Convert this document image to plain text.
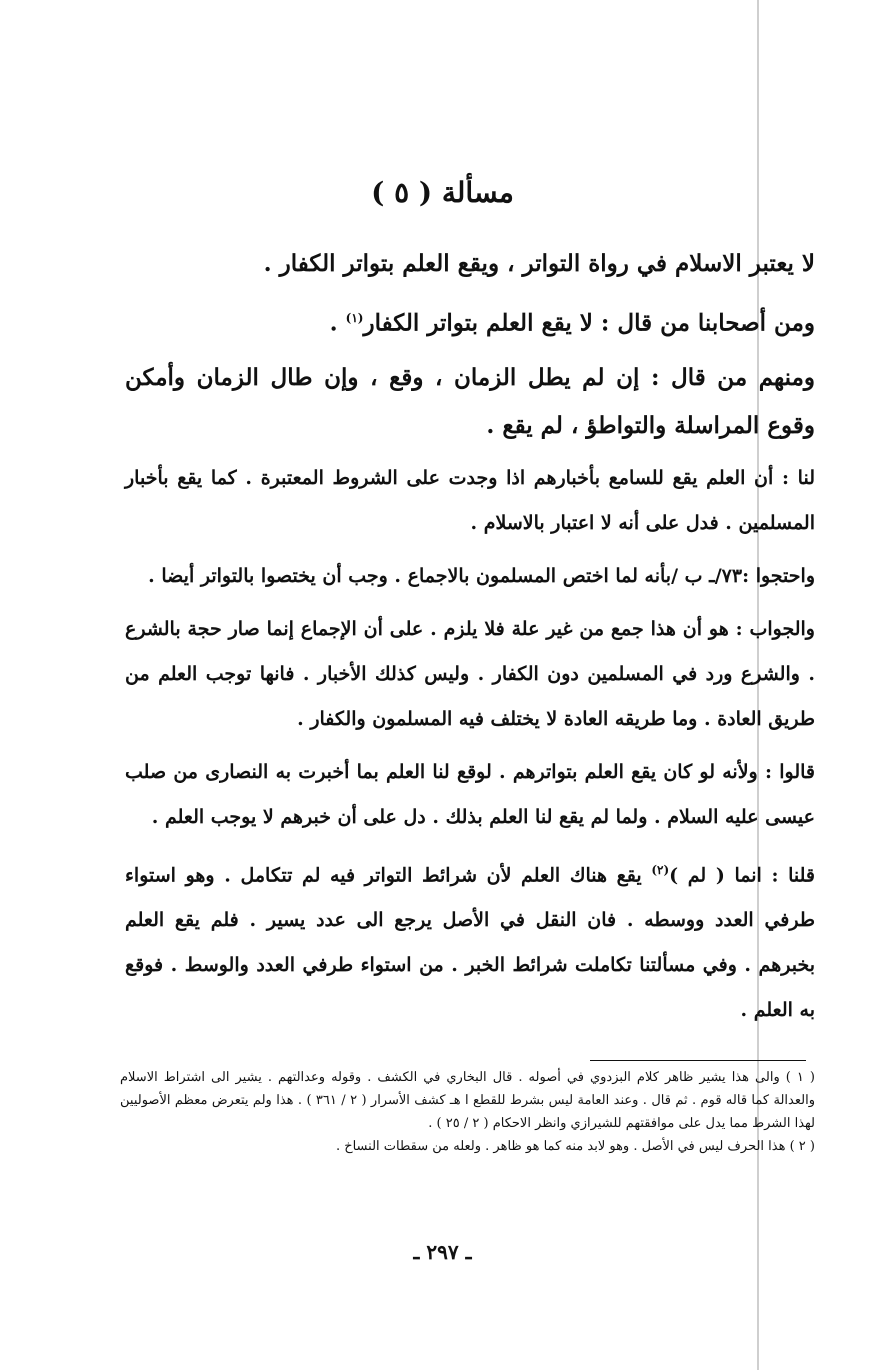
مسألة ( ٥ )

لا يعتبر الاسلام في رواة التواتر ، ويقع العلم بتواتر الكفار .

ومن أصحابنا من قال : لا يقع العلم بتواتر الكفار$^{(١)}$ .

ومنهم من قال : إن لم يطل الزمان ، وقع ، وإن طال الزمان وأمكن وقوع المراسلة والتواطؤ ، لم يقع .

لنا : أن العلم يقع للسامع بأخبارهم اذا وجدت على الشروط المعتبرة . كما يقع بأخبار المسلمين . فدل على أنه لا اعتبار بالاسلام .

واحتجوا :٧٣/ـ ب /بأنه لما اختص المسلمون بالاجماع . وجب أن يختصوا بالتواتر أيضا .

والجواب : هو أن هذا جمع من غير علة فلا يلزم . على أن الإجماع إنما صار حجة بالشرع . والشرع ورد في المسلمين دون الكفار . وليس كذلك الأخبار . فانها توجب العلم من طريق العادة . وما طريقه العادة لا يختلف فيه المسلمون والكفار .

قالوا : ولأنه لو كان يقع العلم بتواترهم . لوقع لنا العلم بما أخبرت به النصارى من صلب عيسى عليه السلام . ولما لم يقع لنا العلم بذلك . دل على أن خبرهم لا يوجب العلم .

قلنا : انما ( لم )$^{(٢)}$ يقع هناك العلم لأن شرائط التواتر فيه لم تتكامل . وهو استواء طرفي العدد ووسطه . فان النقل في الأصل يرجع الى عدد يسير . فلم يقع العلم بخبرهم . وفي مسألتنا تكاملت شرائط الخبر . من استواء طرفي العدد والوسط . فوقع به العلم .

( ١ ) والى هذا يشير ظاهر كلام البزدوي في أصوله . قال البخاري في الكشف . وقوله وعدالتهم . يشير الى اشتراط الاسلام والعدالة كما قاله قوم . ثم قال . وعند العامة ليس بشرط للقطع ا هـ كشف الأسرار ( ٢ / ٣٦١ ) . هذا ولم يتعرض معظم الأصوليين لهذا الشرط مما يدل على موافقتهم للشيرازي وانظر الاحكام ( ٢ / ٢٥ ) .

( ٢ ) هذا الحرف ليس في الأصل . وهو لابد منه كما هو ظاهر . ولعله من سقطات النساخ .

ـ ٢٩٧ ـ
